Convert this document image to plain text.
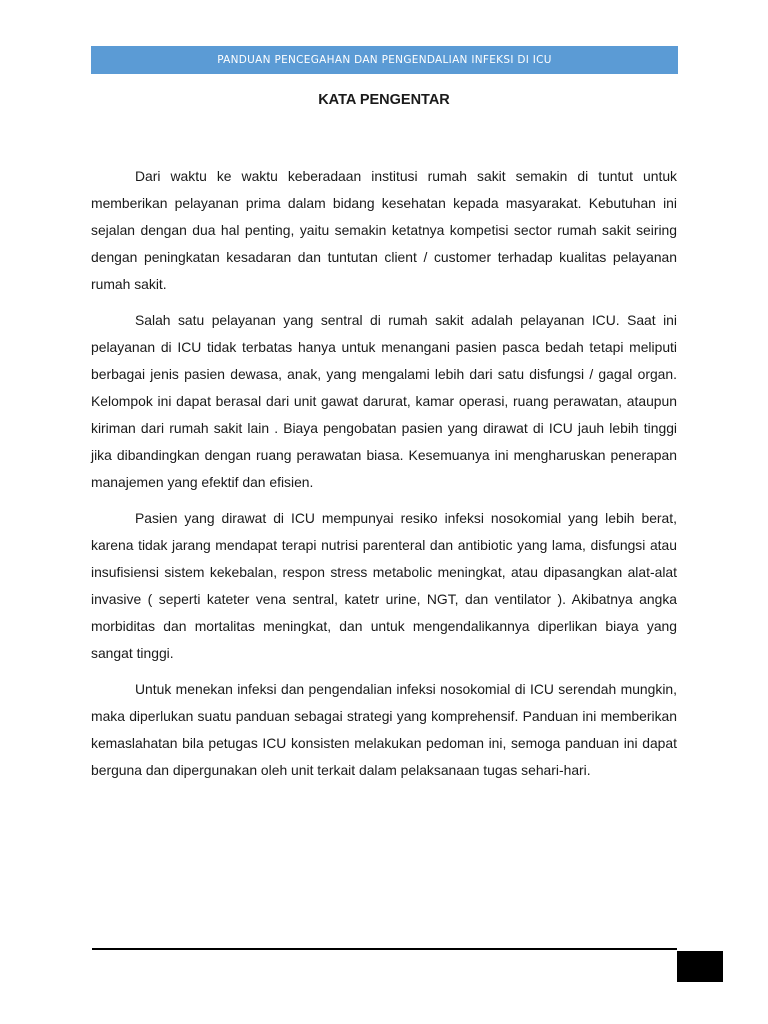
PANDUAN PENCEGAHAN DAN PENGENDALIAN INFEKSI DI ICU
KATA PENGENTAR

Dari waktu ke waktu keberadaan institusi rumah sakit semakin di tuntut untuk memberikan pelayanan prima dalam bidang kesehatan kepada masyarakat. Kebutuhan ini sejalan dengan dua hal penting, yaitu semakin ketatnya kompetisi sector rumah sakit seiring dengan peningkatan kesadaran dan tuntutan client / customer terhadap kualitas pelayanan rumah sakit.

Salah satu pelayanan yang sentral di rumah sakit adalah pelayanan ICU. Saat ini pelayanan di ICU tidak terbatas hanya untuk menangani pasien pasca bedah tetapi meliputi berbagai jenis pasien dewasa, anak, yang mengalami lebih dari satu disfungsi / gagal organ. Kelompok ini dapat berasal dari unit gawat darurat, kamar operasi, ruang perawatan, ataupun kiriman dari rumah sakit lain . Biaya pengobatan pasien yang dirawat di ICU jauh lebih tinggi jika dibandingkan dengan ruang perawatan biasa. Kesemuanya ini mengharuskan penerapan manajemen yang efektif dan efisien.

Pasien yang dirawat di ICU mempunyai resiko infeksi nosokomial yang lebih berat, karena tidak jarang mendapat terapi nutrisi parenteral dan antibiotic yang lama, disfungsi atau insufisiensi sistem kekebalan, respon stress metabolic meningkat, atau dipasangkan alat-alat invasive ( seperti kateter vena sentral, katetr urine, NGT, dan ventilator ). Akibatnya angka morbiditas dan mortalitas meningkat, dan untuk mengendalikannya diperlikan biaya yang sangat tinggi.

Untuk menekan infeksi dan pengendalian infeksi nosokomial di ICU serendah mungkin, maka diperlukan suatu panduan sebagai strategi yang komprehensif. Panduan ini memberikan kemaslahatan bila petugas ICU konsisten melakukan pedoman ini, semoga panduan ini dapat berguna dan dipergunakan oleh unit terkait dalam pelaksanaan tugas sehari-hari.
